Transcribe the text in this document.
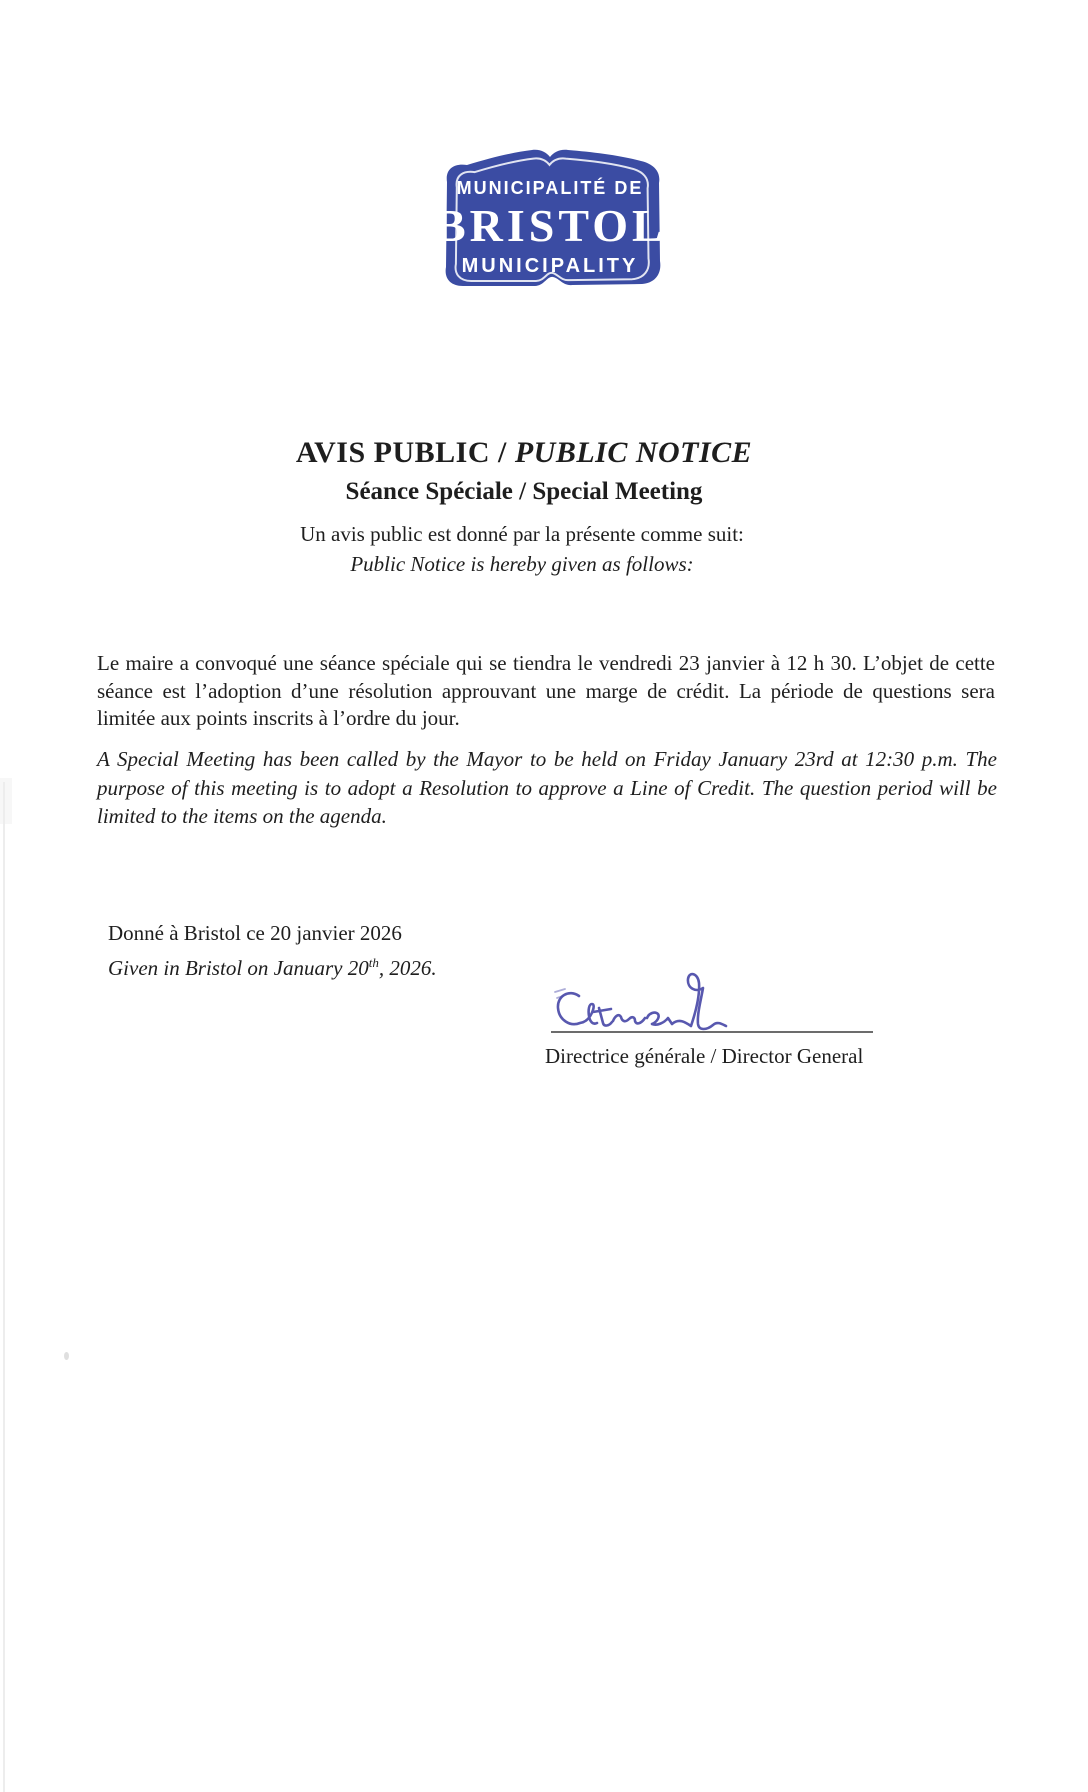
MUNICIPALITÉ DE
BRISTOL
MUNICIPALITY
AVIS PUBLIC / PUBLIC NOTICE
Séance Spéciale / Special Meeting
Un avis public est donné par la présente comme suit:
Public Notice is hereby given as follows:

Le maire a convoqué une séance spéciale qui se tiendra le vendredi 23 janvier à 12 h 30. L’objet de cette séance est l’adoption d’une résolution approuvant une marge de crédit. La période de questions sera limitée aux points inscrits à l’ordre du jour.

A Special Meeting has been called by the Mayor to be held on Friday January 23rd at 12:30 p.m. The purpose of this meeting is to adopt a Resolution to approve a Line of Credit. The question period will be limited to the items on the agenda.

Donné à Bristol ce 20 janvier 2026
Given in Bristol on January 20th, 2026.
Directrice générale / Director General
